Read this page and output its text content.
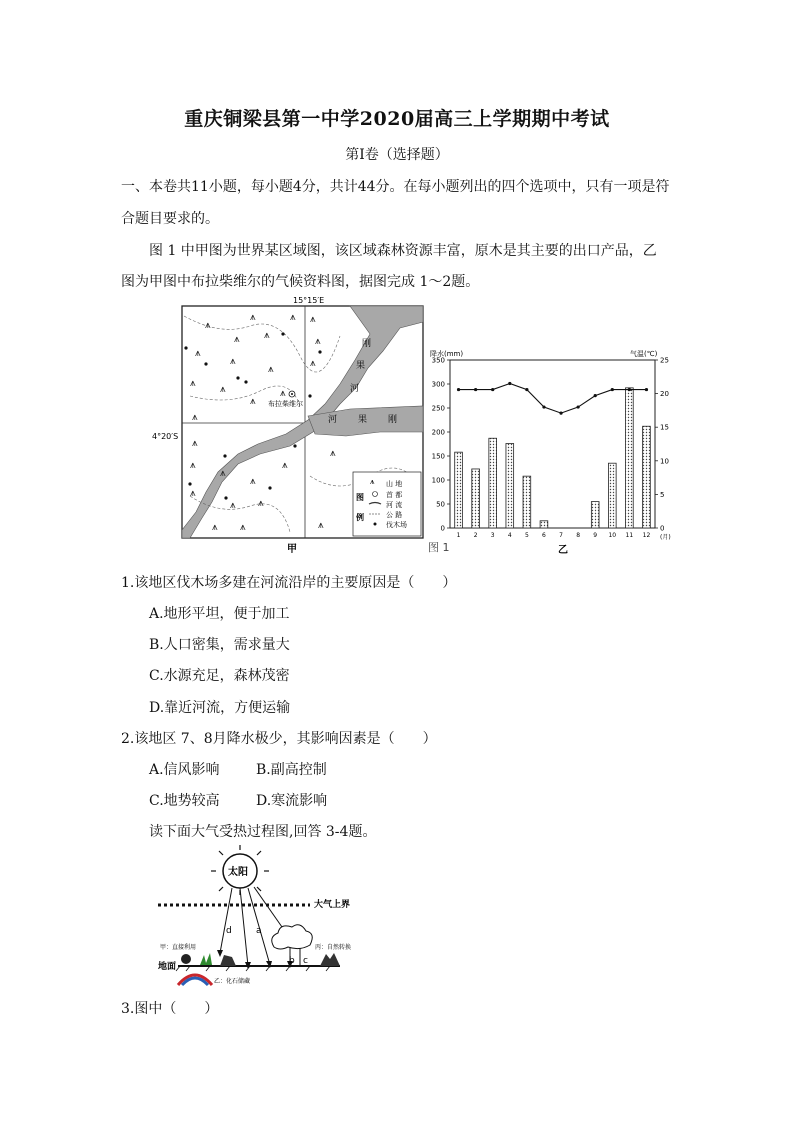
重庆铜梁县第一中学2020届高三上学期期中考试
第Ⅰ卷（选择题）
一、本卷共11小题，每小题4分，共计44分。在每小题列出的四个选项中，只有一项是符
合题目要求的。
图 1 中甲图为世界某区域图，该区域森林资源丰富，原木是其主要的出口产品，乙
图为甲图中布拉柴维尔的气候资料图，据图完成 1～2题。
15°15′E
4°20′S
⩚
⩚	⩚
⩚ ⩚
⩚
⩚
⩚
⩚
⩚
⩚
⩚
⩚
⩚
⩚
⩚
⩚
⩚
⩚
⩚
⩚
⩚ ⩚
⩚ ⩚
⩚
⩚
⩚
布拉柴维尔
刚
果
河
河 果 刚
图
例
⩚ 山 地
首 都
河 流
公 路
伐木场
甲
降水(mm)	气温(℃)
0
50
100
150
200
250
300
350
0
5
10
15
20
25
1 2 3 4 5 6 7 8 9 10 11 12 (月)
图 1	乙
1.该地区伐木场多建在河流沿岸的主要原因是（　　）
A.地形平坦，便于加工
B.人口密集，需求量大
C.水源充足，森林茂密
D.靠近河流，方便运输
2.该地区 7、8月降水极少，其影响因素是（　　）
A.信风影响	B.副高控制
C.地势较高	D.寒流影响
读下面大气受热过程图,回答 3-4题。
太阳
大气上界
d	a
b c
甲：直接利用	丙：自然转换
地面
乙：化石储藏
3.图中（　　）
